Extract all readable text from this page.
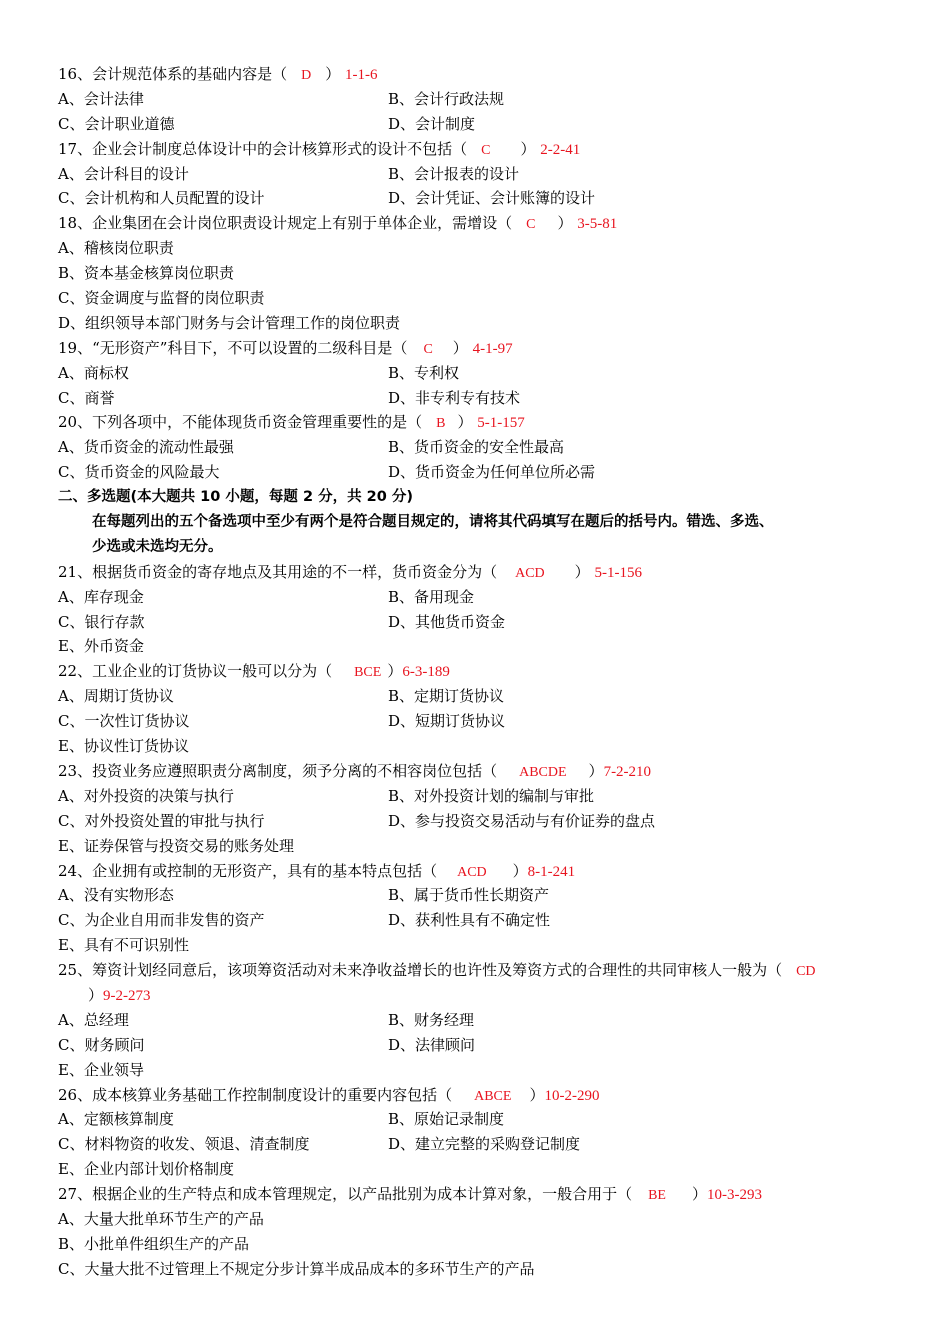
16、会计规范体系的基础内容是（ D ） 1-1-6
A、会计法律	B、会计行政法规
C、会计职业道德	D、会计制度
17、企业会计制度总体设计中的会计核算形式的设计不包括（ C ） 2-2-41
A、会计科目的设计	B、会计报表的设计
C、会计机构和人员配置的设计	D、会计凭证、会计账簿的设计
18、企业集团在会计岗位职责设计规定上有别于单体企业，需增设（ C ） 3-5-81
A、稽核岗位职责
B、资本基金核算岗位职责
C、资金调度与监督的岗位职责
D、组织领导本部门财务与会计管理工作的岗位职责
19、“无形资产”科目下，不可以设置的二级科目是（ C ） 4-1-97
A、商标权	B、专利权
C、商誉	D、非专利专有技术
20、下列各项中，不能体现货币资金管理重要性的是（ B ） 5-1-157
A、货币资金的流动性最强	B、货币资金的安全性最高
C、货币资金的风险最大	D、货币资金为任何单位所必需
二、多选题(本大题共 10 小题，每题 2 分，共 20 分)
在每题列出的五个备选项中至少有两个是符合题目规定的，请将其代码填写在题后的括号内。错选、多选、
少选或未选均无分。
21、根据货币资金的寄存地点及其用途的不一样，货币资金分为（ ACD ） 5-1-156
A、库存现金	B、备用现金
C、银行存款	D、其他货币资金
E、外币资金
22、工业企业的订货协议一般可以分为（ BCE ）6-3-189
A、周期订货协议	B、定期订货协议
C、一次性订货协议	D、短期订货协议
E、协议性订货协议
23、投资业务应遵照职责分离制度，须予分离的不相容岗位包括（ ABCDE ）7-2-210
A、对外投资的决策与执行	B、对外投资计划的编制与审批
C、对外投资处置的审批与执行	D、参与投资交易活动与有价证券的盘点
E、证券保管与投资交易的账务处理
24、企业拥有或控制的无形资产，具有的基本特点包括（ ACD ）8-1-241
A、没有实物形态	B、属于货币性长期资产
C、为企业自用而非发售的资产	D、获利性具有不确定性
E、具有不可识别性
25、筹资计划经同意后，该项筹资活动对未来净收益增长的也许性及筹资方式的合理性的共同审核人一般为（ CD
）9-2-273
A、总经理	B、财务经理
C、财务顾问	D、法律顾问
E、企业领导
26、成本核算业务基础工作控制制度设计的重要内容包括（ ABCE ）10-2-290
A、定额核算制度	B、原始记录制度
C、材料物资的收发、领退、清查制度	D、建立完整的采购登记制度
E、企业内部计划价格制度
27、根据企业的生产特点和成本管理规定，以产品批别为成本计算对象，一般合用于（ BE ）10-3-293
A、大量大批单环节生产的产品
B、小批单件组织生产的产品
C、大量大批不过管理上不规定分步计算半成品成本的多环节生产的产品
